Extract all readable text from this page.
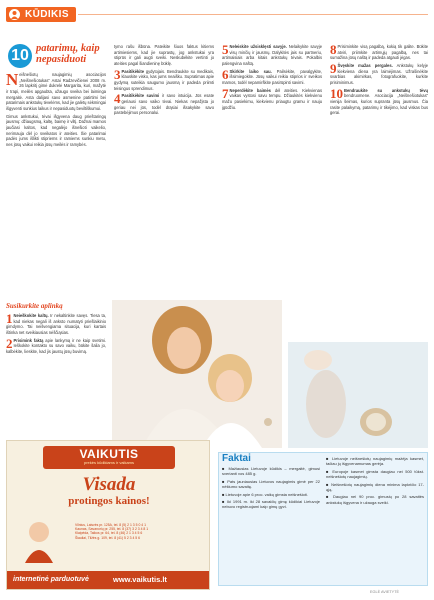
KŪDIKIS
10 patarimų, kaip nepasiduoti
N eišnešiotų naujagimių asociacijos „Neišnešiotukas“ Astai Radzevičienei 2008 m. 26 lapkritį gimė dukrelė Margarita, kuri, mažytė ir trapi, meilės apgaubta, užaugo sveika bei laiminga mergaitė. Asta dalijasi savo asmenine patirtimi bei patarimais ankstukų tėvelėms, kad jie galėtų sėkmingai išgyventi sunkius laikus ir nepasiduotų beviltiškumui.
Gimus ankstukui, tėvai išgyvena daug prieštaringų jausmų: džiaugsmą, kaltę, baimę ir viltį. Dažnai mamos jaučiasi kaltos, kad negalėjo išnešioti vaikelio, nerimauja dėl jo sveikatos ir ateities. Šie patarimai padės jums išlikti stipriems ir ramiems sunkiu metu, nes jūsų vaikui reikia jūsų meilės ir ramybės.
Susikurkite aplinką
1 Neieškokite kaltų. Ir nekaltinkite savęs. Tiesa ta, kad niekas negali iš anksto numatyti priešlaikinio gimdymo. Tai neišvengiama situacija, kuri kartais ištinka net sveikiausias nėščiąsias.
2 Prisimink faktą apie lankymą ir ne kaip svetimi. Ieškokite kontakto su savo vaiku, būkite šalia jo, kalbėkite, lieskite, kad jis jaustų jūsų buvimą.
tymo rašu išbūna. Pateikite šiuos faktus kitiems artimiesiems, kad jie suprastų, jog ankstukai yra stiprūs ir gali augti sveiki. Neskubėkite vertinti jo ateities pagal šiandieninę būklę.
3 Pasitikėkite gydytojais. Bendraukite su medikais, klauskite visko, kas jums neaišku. Supratimas apie gydymą suteikia saugumo jausmą ir padeda priimti teisingus sprendimus.
4 Pasitikėkite savimi ir savo intuicija. Jūs esate geriausi savo vaiko tėvai. Niekas nepažįsta jo geriau nei jūs, todėl drąsiai išsakykite savo pastebėjimus personalui.
5 Neleiskite užsisklęsti savyje. Nelaikykite savyje visų minčių ir jausmų. Dalykitės jais su partneriu, artimaisiais arba kitais ankstukų tėvais. Pokalbis palengvina naštą.
6 Skirkite laiko sau. Pailsėkite, pavalgykite, išsimiegokite. Jūsų vaikui reikia stiprios ir sveikos mamos, todėl nepamirškite pasirūpinti savimi.
7 Neperdėkite baimės dėl ateities. Kiekvienas vaikas vystosi savu tempu. Džiaukitės kiekvienu mažu pasiekimu, kiekvienu priaugtu gramu ir nauju įgūdžiu.
8 Prisiminkite visą pagalbą, kokią tik galite. Būkite atviri, priimkite artimųjų pagalbą, nes tai sumažina jūsų naštą ir padeda atgauti jėgas.
9 Švęskite mažas pergales. Ankstukų kelyje kiekviena diena yra laimėjimas. Užrašinėkite svarbias akimirkas, fotografuokite, kurkite prisiminimus.
10 Bendraukite su ankstukų tėvų bendruomene. Asociacija „Neišnešiotukas“ vienija šeimas, kurios supranta jūsų jausmus. Čia rasite palaikymą, patarimų ir tikėjimo, kad viskas bus gerai.
VAIKUTIS
prekės kūdikiams ir vaikams
Visada
protingos kainos!
Vilnius, Laisvės pr. 125A, tel. 8 (5) 2 1 3 5 0 4 1
Kaunas, Savanorių pr. 255, tel. 8 (37) 3 2 3 4 8 1
Klaipėda, Taikos pr. 64, tel. 8 (46) 2 1 3 4 5 6
Šiauliai, Tilžės g. 109, tel. 8 (41) 5 2 3 4 5 6
internetinė parduotuvė	www.vaikutis.lt
Faktai
■ Mažiausias Lietuvoje kūdikis – mergaitė, gimusi sverianti vos 485 g.
■ Pats jauniausias Lietuvos naujagimis gimė per 22 nėštumo savaitę.
■ Lietuvoje apie 6 proc. vaikų gimsta neišnešioti.
■ Iki 1991 m. iki 28 savaičių gimę kūdikiai Lietuvoje nebuvo registruojami kaip gimę gyvi.
■ Lietuvoje neišnešiotų naujagimių mažėja kasmet, tačiau jų išgyvenamumas gerėja.
■ Europoje kasmet gimsta daugiau nei 500 tūkst. neišnešiotų naujagimių.
■ Neišnešiotų naujagimių diena minima lapkričio 17-ąją.
■ Daugiau nei 90 proc. gimusių po 28 savaitės ankstukų išgyvena ir užauga sveiki.
EGLĖ AVIETYTĖ
